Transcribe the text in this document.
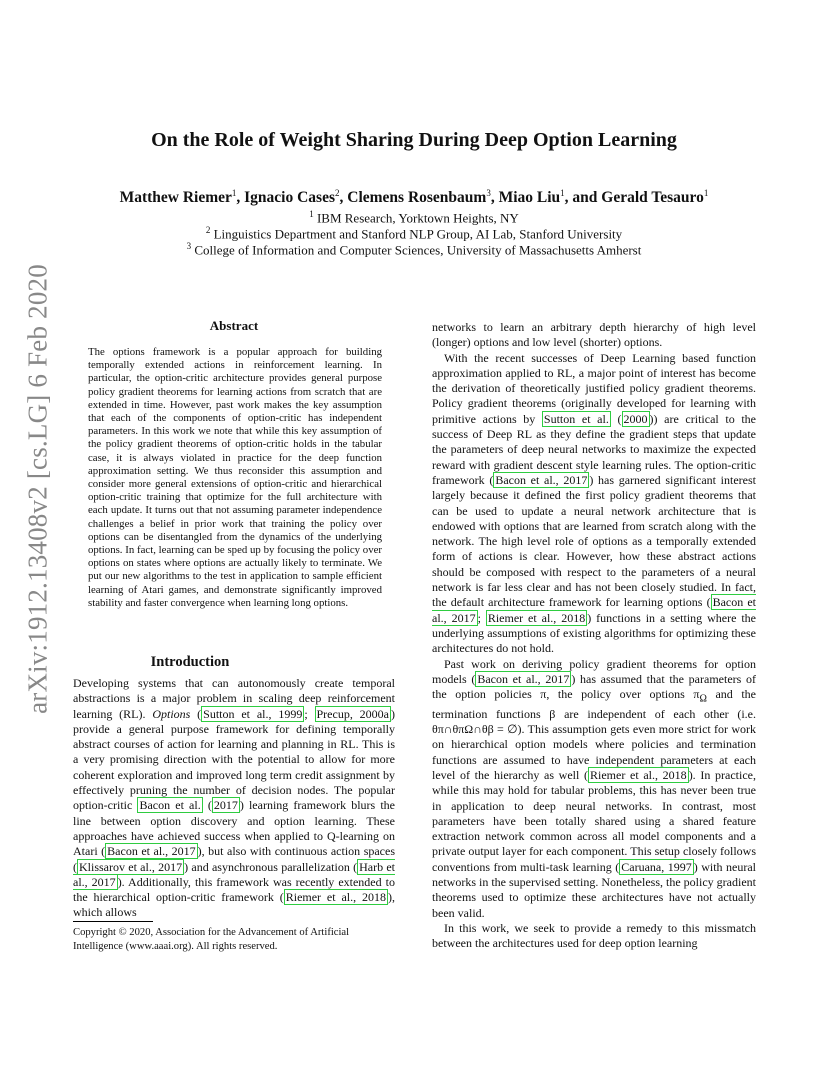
arXiv:1912.13408v2 [cs.LG] 6 Feb 2020
On the Role of Weight Sharing During Deep Option Learning
Matthew Riemer$^1$, Ignacio Cases$^2$, Clemens Rosenbaum$^3$, Miao Liu$^1$, and Gerald Tesauro$^1$
$^1$ IBM Research, Yorktown Heights, NY
$^2$ Linguistics Department and Stanford NLP Group, AI Lab, Stanford University
$^3$ College of Information and Computer Sciences, University of Massachusetts Amherst
Abstract
The options framework is a popular approach for building temporally extended actions in reinforcement learning. In particular, the option-critic architecture provides general purpose policy gradient theorems for learning actions from scratch that are extended in time. However, past work makes the key assumption that each of the components of option-critic has independent parameters. In this work we note that while this key assumption of the policy gradient theorems of option-critic holds in the tabular case, it is always violated in practice for the deep function approximation setting. We thus reconsider this assumption and consider more general extensions of option-critic and hierarchical option-critic training that optimize for the full architecture with each update. It turns out that not assuming parameter independence challenges a belief in prior work that training the policy over options can be disentangled from the dynamics of the underlying options. In fact, learning can be sped up by focusing the policy over options on states where options are actually likely to terminate. We put our new algorithms to the test in application to sample efficient learning of Atari games, and demonstrate significantly improved stability and faster convergence when learning long options.
Introduction

Developing systems that can autonomously create temporal abstractions is a major problem in scaling deep reinforcement learning (RL). Options ( Sutton et al., 1999 ; Precup, 2000a ) provide a general purpose framework for defining temporally abstract courses of action for learning and planning in RL. This is a very promising direction with the potential to allow for more coherent exploration and improved long term credit assignment by effectively pruning the number of decision nodes. The popular option-critic Bacon et al. ( 2017 ) learning framework blurs the line between option discovery and option learning. These approaches have achieved success when applied to Q-learning on Atari ( Bacon et al., 2017 ), but also with continuous action spaces ( Klissarov et al., 2017 ) and asynchronous parallelization ( Harb et al., 2017 ). Additionally, this framework was recently extended to the hierarchical option-critic framework ( Riemer et al., 2018 ), which allows

Copyright © 2020, Association for the Advancement of Artificial Intelligence (www.aaai.org). All rights reserved.

networks to learn an arbitrary depth hierarchy of high level (longer) options and low level (shorter) options.

With the recent successes of Deep Learning based function approximation applied to RL, a major point of interest has become the derivation of theoretically justified policy gradient theorems. Policy gradient theorems (originally developed for learning with primitive actions by Sutton et al. ( 2000 )) are critical to the success of Deep RL as they define the gradient steps that update the parameters of deep neural networks to maximize the expected reward with gradient descent style learning rules. The option-critic framework ( Bacon et al., 2017 ) has garnered significant interest largely because it defined the first policy gradient theorems that can be used to update a neural network architecture that is endowed with options that are learned from scratch along with the network. The high level role of options as a temporally extended form of actions is clear. However, how these abstract actions should be composed with respect to the parameters of a neural network is far less clear and has not been closely studied. In fact, the default architecture framework for learning options ( Bacon et al., 2017 ; Riemer et al., 2018 ) functions in a setting where the underlying assumptions of existing algorithms for optimizing these architectures do not hold.

Past work on deriving policy gradient theorems for option models ( Bacon et al., 2017 ) has assumed that the parameters of the option policies π, the policy over options $\pi_\Omega$ and the termination functions β are independent of each other (i.e. θπ∩θπΩ∩θβ = ∅). This assumption gets even more strict for work on hierarchical option models where policies and termination functions are assumed to have independent parameters at each level of the hierarchy as well ( Riemer et al., 2018 ). In practice, while this may hold for tabular problems, this has never been true in application to deep neural networks. In contrast, most parameters have been totally shared using a shared feature extraction network common across all model components and a private output layer for each component. This setup closely follows conventions from multi-task learning ( Caruana, 1997 ) with neural networks in the supervised setting. Nonetheless, the policy gradient theorems used to optimize these architectures have not actually been valid.

In this work, we seek to provide a remedy to this missmatch between the architectures used for deep option learning
